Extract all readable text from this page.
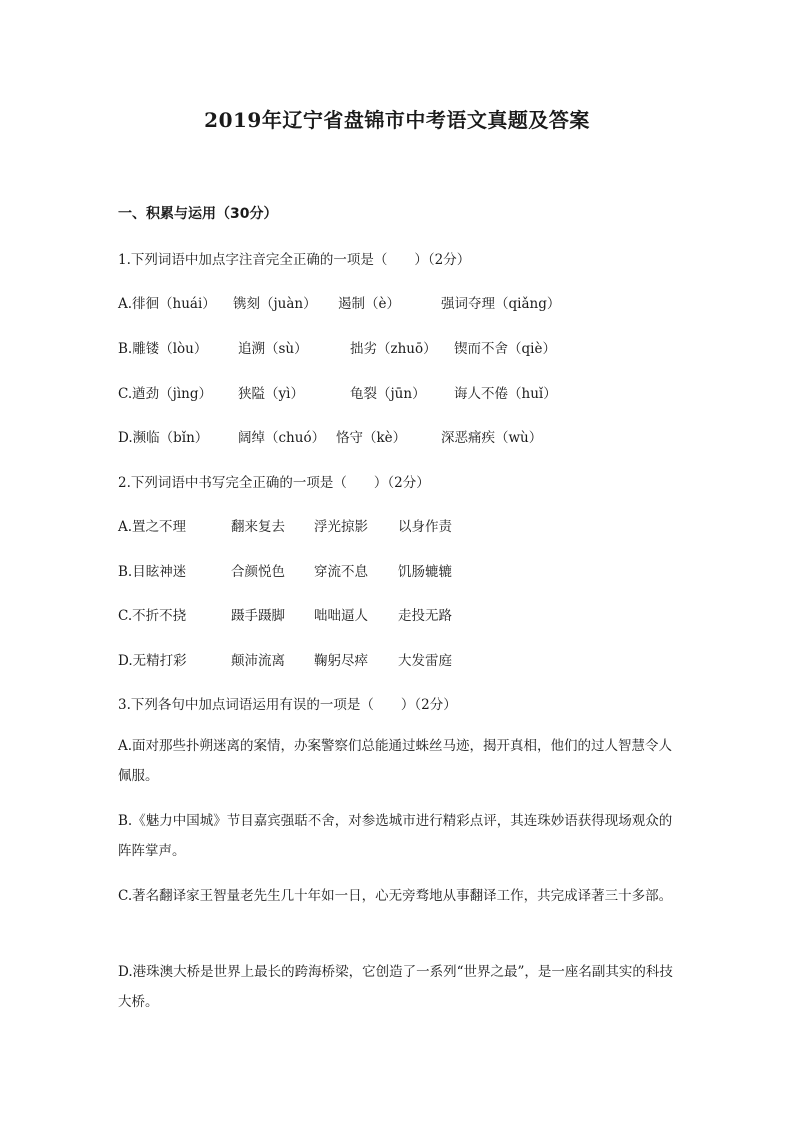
2019年辽宁省盘锦市中考语文真题及答案
一、积累与运用（30分）
1.下列词语中加点字注音完全正确的一项是（　　）（2分）
A.徘徊（huái） 镌刻（juàn） 遏制（è）	强词夺理（qiǎng）
B.雕镂（lòu） 追溯（sù）	拙劣（zhuō） 锲而不舍（qiè）
C.遒劲（jìng） 狭隘（yì）	龟裂（jūn） 诲人不倦（huǐ）
D.濒临（bǐn） 阔绰（chuó） 恪守（kè）	深恶痛疾（wù）
2.下列词语中书写完全正确的一项是（　　）（2分）
A.置之不理	翻来复去 浮光掠影 以身作责
B.目眩神迷	合颜悦色 穿流不息 饥肠辘辘
C.不折不挠	蹑手蹑脚 咄咄逼人 走投无路
D.无精打彩	颠沛流离 鞠躬尽瘁 大发雷庭
3.下列各句中加点词语运用有误的一项是（　　）（2分）
A.面对那些扑朔迷离的案情，办案警察们总能通过蛛丝马迹，揭开真相，他们的过人智慧令人佩服。
B.《魅力中国城》节目嘉宾强聒不舍，对参选城市进行精彩点评，其连珠妙语获得现场观众的阵阵掌声。
C.著名翻译家王智量老先生几十年如一日，心无旁骛地从事翻译工作，共完成译著三十多部。
D.港珠澳大桥是世界上最长的跨海桥梁，它创造了一系列“世界之最”，是一座名副其实的科技大桥。
